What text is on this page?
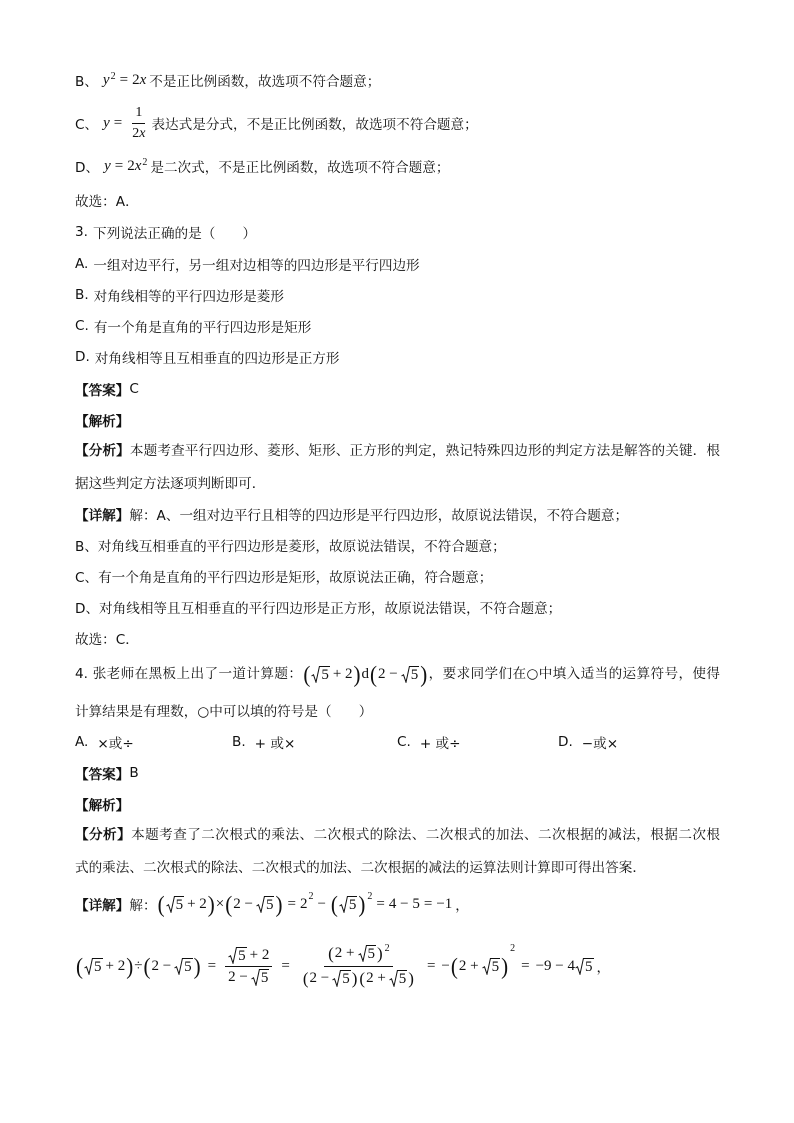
B、 y 2 = 2 x 不是正比例函数，故选项不符合题意；
C、 $y = \frac{1}{2 x}$ 表达式是分式，不是正比例函数，故选项不符合题意；
D、 y = 2 x 2 是二次式，不是正比例函数，故选项不符合题意；
故选：A．
3. 下列说法正确的是（　　）
A. 一组对边平行，另一组对边相等的四边形是平行四边形
B. 对角线相等的平行四边形是菱形
C. 有一个角是直角的平行四边形是矩形
D. 对角线相等且互相垂直的四边形是正方形
【答案】 C
【解析】
【分析】本题考查平行四边形、菱形、矩形、正方形的判定，熟记特殊四边形的判定方法是解答的关键．根
据这些判定方法逐项判断即可．
【详解】 解：A、一组对边平行且相等的四边形是平行四边形，故原说法错误，不符合题意；
B、对角线互相垂直的平行四边形是菱形，故原说法错误，不符合题意；
C、有一个角是直角的平行四边形是矩形，故原说法正确，符合题意；
D、对角线相等且互相垂直的平行四边形是正方形，故原说法错误，不符合题意；
故选：C．
4. 张老师在黑板上出了一道计算题： ( 5 + 2 ) d ( 2 − 5 ) ，要求同学们在○中填入适当的运算符号，使得
计算结果是有理数，○中可以填的符号是（　　）
A. ×或÷	B. + 或×	C. + 或÷	D. −或×
【答案】 B
【解析】
【分析】本题考查了二次根式的乘法、二次根式的除法、二次根式的加法、二次根据的减法，根据二次根
式的乘法、二次根式的除法、二次根式的加法、二次根据的减法的运算法则计算即可得出答案．
【详解】 解： ( 5 + 2 ) × ( 2 − 5 ) = 2 2 − ( 5 ) 2 = 4 − 5 = −1 ，
( 5 + 2 ) ÷ ( 2 − 5 ) = $\frac{5 + 2}{2 - 5} = \frac{( 2 + 5 ) 2}{( 2 - 5 ) ( 2 + 5 )}$ = − ( 2 + 5 )
2
= −9 − 4 5 ，
